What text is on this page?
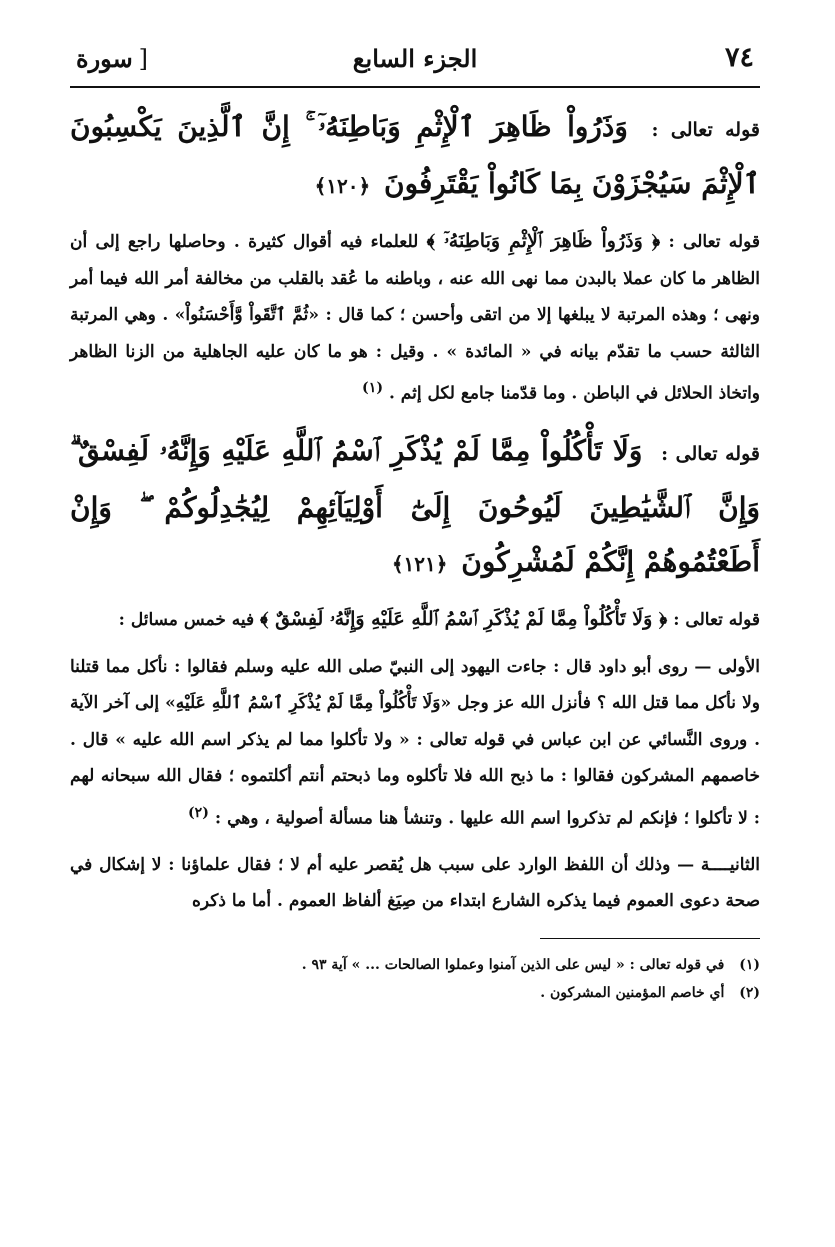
٧٤
الجزء السابع
[سورة
قوله تعالى : وَذَرُواْ ظَاهِرَ ٱلْإِثْمِ وَبَاطِنَهُۥٓ ۚ إِنَّ ٱلَّذِينَ يَكْسِبُونَ ٱلْإِثْمَ سَيُجْزَوْنَ بِمَا كَانُواْ يَقْتَرِفُونَ ﴿١٢٠﴾
قوله تعالى : ﴿ وَذَرُواْ ظَاهِرَ ٱلْإِثْمِ وَبَاطِنَهُۥٓ ﴾ للعلماء فيه أقوال كثيرة . وحاصلها راجع إلى أن الظاهر ما كان عملا بالبدن مما نهى الله عنه ، وباطنه ما عُقد بالقلب من مخالفة أمر الله فيما أمر ونهى ؛ وهذه المرتبة لا يبلغها إلا من اتقى وأحسن ؛ كما قال : «ثُمَّ ٱتَّقَواْ وَّأَحْسَنُواْ» . وهي المرتبة الثالثة حسب ما تقدّم بيانه في « المائدة » . وقيل : هو ما كان عليه الجاهلية من الزنا الظاهر واتخاذ الحلائل في الباطن . وما قدّمنا جامع لكل إثم . $^{(١)}$
قوله تعالى : وَلَا تَأْكُلُواْ مِمَّا لَمْ يُذْكَرِ ٱسْمُ ٱللَّهِ عَلَيْهِ وَإِنَّهُۥ لَفِسْقٌ ۗ وَإِنَّ ٱلشَّيَٰطِينَ لَيُوحُونَ إِلَىٰٓ أَوْلِيَآئِهِمْ لِيُجَٰدِلُوكُمْ ۖ وَإِنْ أَطَعْتُمُوهُمْ إِنَّكُمْ لَمُشْرِكُونَ ﴿١٢١﴾
قوله تعالى : ﴿ وَلَا تَأْكُلُواْ مِمَّا لَمْ يُذْكَرِ ٱسْمُ ٱللَّهِ عَلَيْهِ وَإِنَّهُۥ لَفِسْقٌ ﴾ فيه خمس مسائل :
الأولى — روى أبو داود قال : جاءت اليهود إلى النبيّ صلى الله عليه وسلم فقالوا : نأكل مما قتلنا ولا نأكل مما قتل الله ؟ فأنزل الله عز وجل «وَلَا تَأْكُلُواْ مِمَّا لَمْ يُذْكَرِ ٱسْمُ ٱللَّهِ عَلَيْهِ» إلى آخر الآية . وروى النَّسائي عن ابن عباس في قوله تعالى : « ولا تأكلوا مما لم يذكر اسم الله عليه » قال . خاصمهم المشركون فقالوا : ما ذبح الله فلا تأكلوه وما ذبحتم أنتم أكلتموه ؛ فقال الله سبحانه لهم : لا تأكلوا ؛ فإنكم لم تذكروا اسم الله عليها . وتنشأ هنا مسألة أصولية ، وهي : $^{(٢)}$
الثانيــــة — وذلك أن اللفظ الوارد على سبب هل يُقصر عليه أم لا ؛ فقال علماؤنا : لا إشكال في صحة دعوى العموم فيما يذكره الشارع ابتداء من صِيَغ ألفاظ العموم . أما ما ذكره
(١) في قوله تعالى : « ليس على الذين آمنوا وعملوا الصالحات ... » آية ٩٣ .
(٢) أي خاصم المؤمنين المشركون .
